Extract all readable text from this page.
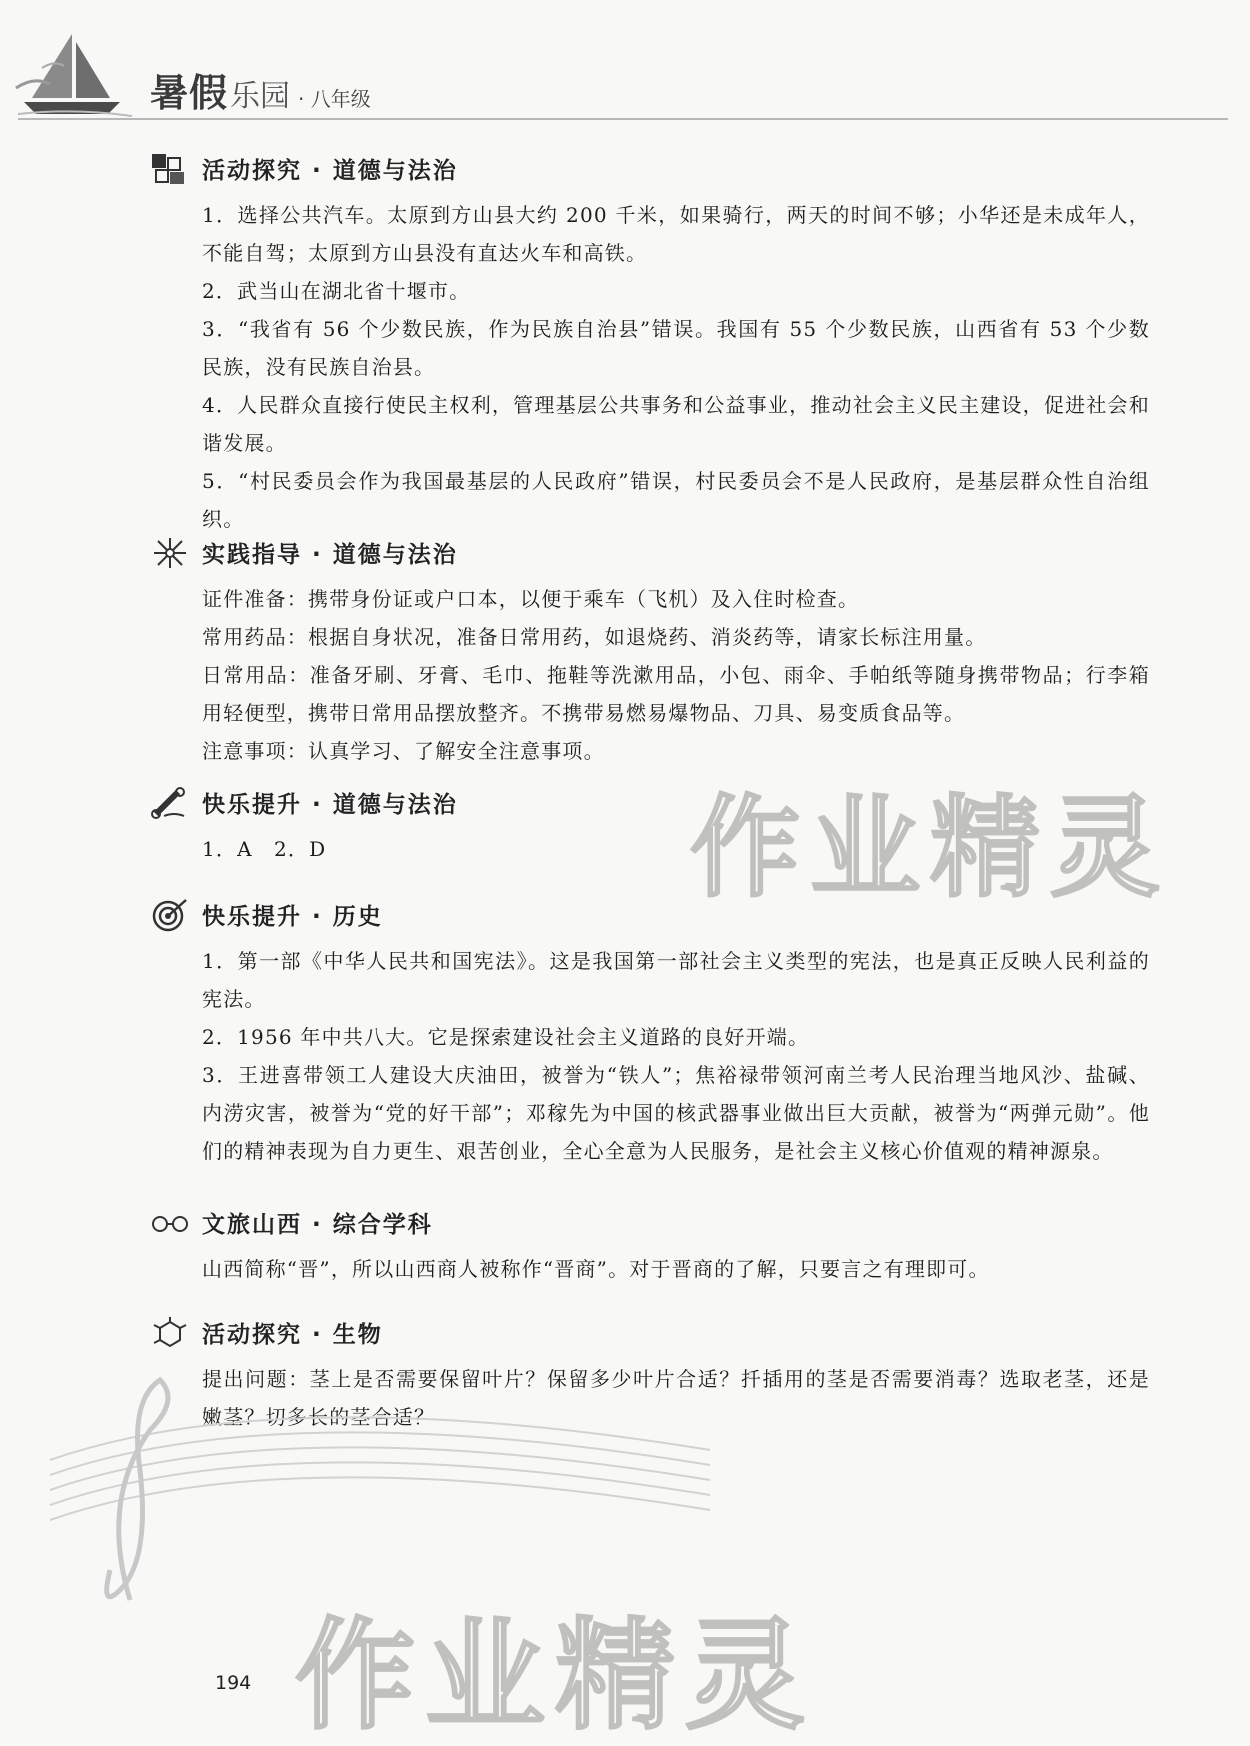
暑假乐园 · 八年级
活动探究 · 道德与法治

1．选择公共汽车。太原到方山县大约 200 千米，如果骑行，两天的时间不够；小华还是未成年人，不能自驾；太原到方山县没有直达火车和高铁。

2．武当山在湖北省十堰市。

3．“我省有 56 个少数民族，作为民族自治县”错误。我国有 55 个少数民族，山西省有 53 个少数民族，没有民族自治县。

4．人民群众直接行使民主权利，管理基层公共事务和公益事业，推动社会主义民主建设，促进社会和谐发展。

5．“村民委员会作为我国最基层的人民政府”错误，村民委员会不是人民政府，是基层群众性自治组织。

实践指导 · 道德与法治

证件准备：携带身份证或户口本，以便于乘车（飞机）及入住时检查。

常用药品：根据自身状况，准备日常用药，如退烧药、消炎药等，请家长标注用量。

日常用品：准备牙刷、牙膏、毛巾、拖鞋等洗漱用品，小包、雨伞、手帕纸等随身携带物品；行李箱用轻便型，携带日常用品摆放整齐。不携带易燃易爆物品、刀具、易变质食品等。

注意事项：认真学习、了解安全注意事项。

快乐提升 · 道德与法治

1．A　2．D

快乐提升 · 历史

1．第一部《中华人民共和国宪法》。这是我国第一部社会主义类型的宪法，也是真正反映人民利益的宪法。

2．1956 年中共八大。它是探索建设社会主义道路的良好开端。

3．王进喜带领工人建设大庆油田，被誉为“铁人”；焦裕禄带领河南兰考人民治理当地风沙、盐碱、内涝灾害，被誉为“党的好干部”；邓稼先为中国的核武器事业做出巨大贡献，被誉为“两弹元勋”。他们的精神表现为自力更生、艰苦创业，全心全意为人民服务，是社会主义核心价值观的精神源泉。

文旅山西 · 综合学科

山西简称“晋”，所以山西商人被称作“晋商”。对于晋商的了解，只要言之有理即可。

活动探究 · 生物

提出问题：茎上是否需要保留叶片？保留多少叶片合适？扦插用的茎是否需要消毒？选取老茎，还是嫩茎？切多长的茎合适？

作业精灵
作业精灵
194
